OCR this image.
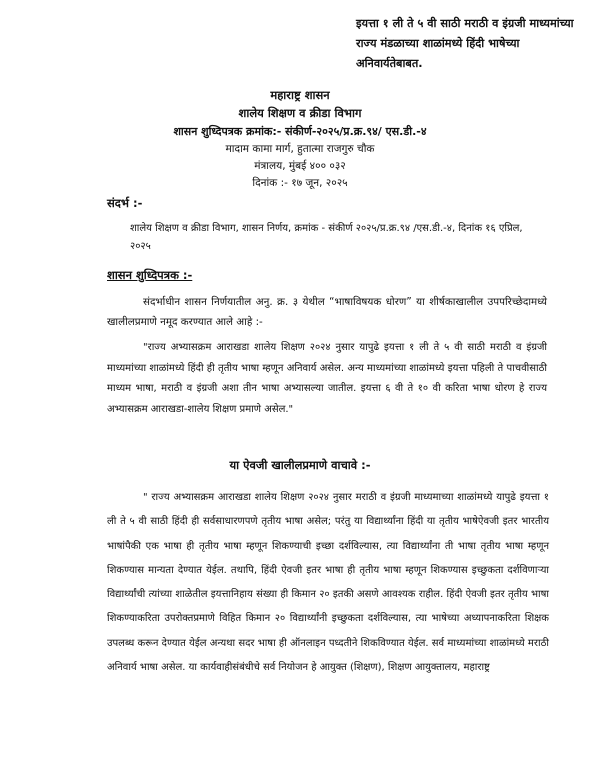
इयत्ता १ ली ते ५ वी साठी मराठी व इंग्रजी माध्यमांच्या राज्य मंडळाच्या शाळांमध्ये हिंदी भाषेच्या अनिवार्यतेबाबत.
महाराष्ट्र शासन
शालेय शिक्षण व क्रीडा विभाग
शासन शुध्दिपत्रक क्रमांक:- संकीर्ण-२०२५/प्र.क्र.९४/ एस.डी.-४
मादाम कामा मार्ग, हुतात्मा राजगुरु चौक
मंत्रालय, मुंबई ४०० ०३२
दिनांक :- १७ जून, २०२५
संदर्भ :-
शालेय शिक्षण व क्रीडा विभाग, शासन निर्णय, क्रमांक - संकीर्ण २०२५/प्र.क्र.९४ /एस.डी.-४, दिनांक १६ एप्रिल, २०२५
शासन शुध्दिपत्रक :-
संदर्भाधीन शासन निर्णयातील अनु. क्र. ३ येथील “भाषाविषयक धोरण” या शीर्षकाखालील उपपरिच्छेदामध्ये खालीलप्रमाणे नमूद करण्यात आले आहे :-
"राज्य अभ्यासक्रम आराखडा शालेय शिक्षण २०२४ नुसार यापुढे इयत्ता १ ली ते ५ वी साठी मराठी व इंग्रजी माध्यमांच्या शाळांमध्ये हिंदी ही तृतीय भाषा म्हणून अनिवार्य असेल. अन्य माध्यमांच्या शाळांमध्ये इयत्ता पहिली ते पाचवीसाठी माध्यम भाषा, मराठी व इंग्रजी अशा तीन भाषा अभ्यासल्या जातील. इयत्ता ६ वी ते १० वी करिता भाषा धोरण हे राज्य अभ्यासक्रम आराखडा-शालेय शिक्षण प्रमाणे असेल."
या ऐवजी खालीलप्रमाणे वाचावे :-
" राज्य अभ्यासक्रम आराखडा शालेय शिक्षण २०२४ नुसार मराठी व इंग्रजी माध्यमाच्या शाळांमध्ये यापुढे इयत्ता १ ली ते ५ वी साठी हिंदी ही सर्वसाधारणपणे तृतीय भाषा असेल; परंतु या विद्यार्थ्यांना हिंदी या तृतीय भाषेऐवजी इतर भारतीय भाषांपैकी एक भाषा ही तृतीय भाषा म्हणून शिकण्याची इच्छा दर्शविल्यास, त्या विद्यार्थ्यांना ती भाषा तृतीय भाषा म्हणून शिकण्यास मान्यता देण्यात येईल. तथापि, हिंदी ऐवजी इतर भाषा ही तृतीय भाषा म्हणून शिकण्यास इच्छुकता दर्शविणाऱ्या विद्यार्थ्यांची त्यांच्या शाळेतील इयत्तानिहाय संख्या ही किमान २० इतकी असणे आवश्यक राहील. हिंदी ऐवजी इतर तृतीय भाषा शिकण्याकरिता उपरोक्तप्रमाणे विहित किमान २० विद्यार्थ्यांनी इच्छुकता दर्शविल्यास, त्या भाषेच्या अध्यापनाकरिता शिक्षक उपलब्ध करून देण्यात येईल अन्यथा सदर भाषा ही ऑनलाइन पध्दतीने शिकविण्यात येईल. सर्व माध्यमांच्या शाळांमध्ये मराठी अनिवार्य भाषा असेल. या कार्यवाहीसंबंधीचे सर्व नियोजन हे आयुक्त (शिक्षण), शिक्षण आयुक्तालय, महाराष्ट्र
